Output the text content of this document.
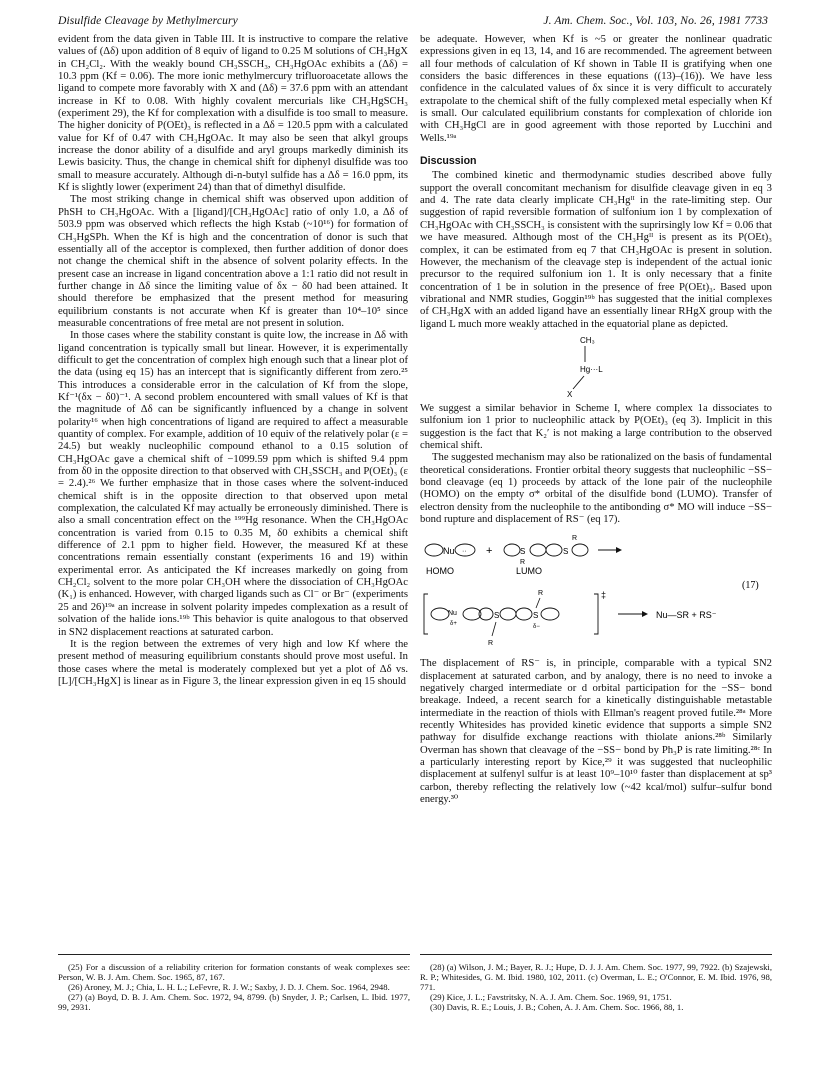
Disulfide Cleavage by Methylmercury	J. Am. Chem. Soc., Vol. 103, No. 26, 1981 7733

evident from the data given in Table III. It is instructive to compare the relative values of (Δδ) upon addition of 8 equiv of ligand to 0.25 M solutions of CH₃HgX in CH₂Cl₂. With the weakly bound CH₃SSCH₃, CH₃HgOAc exhibits a (Δδ) = 10.3 ppm (Kf = 0.06). The more ionic methylmercury trifluoroacetate allows the ligand to compete more favorably with X and (Δδ) = 37.6 ppm with an attendant increase in Kf to 0.08. With highly covalent mercurials like CH₃HgSCH₃ (experiment 29), the Kf for complexation with a disulfide is too small to measure. The higher donicity of P(OEt)₃ is reflected in a Δδ = 120.5 ppm with a calculated value for Kf of 0.47 with CH₃HgOAc. It may also be seen that alkyl groups increase the donor ability of a disulfide and aryl groups markedly diminish its Lewis basicity. Thus, the change in chemical shift for diphenyl disulfide was too small to measure accurately. Although di-n-butyl sulfide has a Δδ = 16.0 ppm, its Kf is slightly lower (experiment 24) than that of dimethyl disulfide.

The most striking change in chemical shift was observed upon addition of PhSH to CH₃HgOAc. With a [ligand]/[CH₃HgOAc] ratio of only 1.0, a Δδ of 503.9 ppm was observed which reflects the high Kstab (~10¹⁶) for formation of CH₃HgSPh. When the Kf is high and the concentration of donor is such that essentially all of the acceptor is complexed, then further addition of donor does not change the chemical shift in the absence of solvent polarity effects. In the present case an increase in ligand concentration above a 1:1 ratio did not result in further change in Δδ since the limiting value of δx − δ0 had been attained. It should therefore be emphasized that the present method for measuring equilibrium constants is not accurate when Kf is greater than 10⁴–10⁵ since measurable concentrations of free metal are not present in solution.

In those cases where the stability constant is quite low, the increase in Δδ with ligand concentration is typically small but linear. However, it is experimentally difficult to get the concentration of complex high enough such that a linear plot of the data (using eq 15) has an intercept that is significantly different from zero.²⁵ This introduces a considerable error in the calculation of Kf from the slope, Kf⁻¹(δx − δ0)⁻¹. A second problem encountered with small values of Kf is that the magnitude of Δδ can be significantly influenced by a change in solvent polarity¹⁶ when high concentrations of ligand are required to affect a measurable quantity of complex. For example, addition of 10 equiv of the relatively polar (ε = 24.5) but weakly nucleophilic compound ethanol to a 0.15 solution of CH₃HgOAc gave a chemical shift of −1099.59 ppm which is shifted 9.4 ppm from δ0 in the opposite direction to that observed with CH₃SSCH₃ and P(OEt)₃ (ε = 2.4).²⁶ We further emphasize that in those cases where the solvent-induced chemical shift is in the opposite direction to that observed upon metal complexation, the calculated Kf may actually be erroneously diminished. There is also a small concentration effect on the ¹⁹⁹Hg resonance. When the CH₃HgOAc concentration is varied from 0.15 to 0.35 M, δ0 exhibits a chemical shift difference of 2.1 ppm to higher field. However, the measured Kf at these concentrations remain essentially constant (experiments 16 and 19) within experimental error. As anticipated the Kf increases markedly on going from CH₂Cl₂ solvent to the more polar CH₃OH where the dissociation of CH₃HgOAc (K₁) is enhanced. However, with charged ligands such as Cl⁻ or Br⁻ (experiments 25 and 26)¹⁹ᵃ an increase in solvent polarity impedes complexation as a result of solvation of the halide ions.¹⁹ᵇ This behavior is quite analogous to that observed in SN2 displacement reactions at saturated carbon.

It is the region between the extremes of very high and low Kf where the present method of measuring equilibrium constants should prove most useful. In those cases where the metal is moderately complexed but yet a plot of Δδ vs. [L]/[CH₃HgX] is linear as in Figure 3, the linear expression given in eq 15 should

be adequate. However, when Kf is ~5 or greater the nonlinear quadratic expressions given in eq 13, 14, and 16 are recommended. The agreement between all four methods of calculation of Kf shown in Table II is gratifying when one considers the basic differences in these equations ((13)–(16)). We have less confidence in the calculated values of δx since it is very difficult to accurately extrapolate to the chemical shift of the fully complexed metal especially when Kf is small. Our calculated equilibrium constants for complexation of chloride ion with CH₃HgCl are in good agreement with those reported by Lucchini and Wells.¹⁹ᵃ

Discussion

The combined kinetic and thermodynamic studies described above fully support the overall concomitant mechanism for disulfide cleavage given in eq 3 and 4. The rate data clearly implicate CH₃Hgᴵᴵ in the rate-limiting step. Our suggestion of rapid reversible formation of sulfonium ion 1 by complexation of CH₃HgOAc with CH₃SSCH₃ is consistent with the suprirsingly low Kf = 0.06 that we have measured. Although most of the CH₃Hgᴵᴵ is present as its P(OEt)₃ complex, it can be estimated from eq 7 that CH₃HgOAc is present in solution. However, the mechanism of the cleavage step is independent of the actual ionic precursor to the required sulfonium ion 1. It is only necessary that a finite concentration of 1 be in solution in the presence of free P(OEt)₃. Based upon vibrational and NMR studies, Goggin¹⁹ᵇ has suggested that the initial complexes of CH₃HgX with an added ligand have an essentially linear RHgX group with the ligand L much more weakly attached in the equatorial plane as depicted.

CH₃
Hg···L
X

We suggest a similar behavior in Scheme I, where complex 1a dissociates to sulfonium ion 1 prior to nucleophilic attack by P(OEt)₃ (eq 3). Implicit in this suggestion is the fact that K₂′ is not making a large contribution to the observed chemical shift.

The suggested mechanism may also be rationalized on the basis of fundamental theoretical considerations. Frontier orbital theory suggests that nucleophilic −SS− bond cleavage (eq 1) proceeds by attack of the lone pair of the nucleophile (HOMO) on the empty σ* orbital of the disulfide bond (LUMO). Transfer of electron density from the nucleophile to the antibonding σ* MO will induce −SS− bond rupture and displacement of RS⁻ (eq 17).

Nu ·· +	S
R
S
R
HOMO	LUMO
‡
Nu
δ+
S	S
δ−
R
R
Nu—SR + RS⁻
(17)

The displacement of RS⁻ is, in principle, comparable with a typical SN2 displacement at saturated carbon, and by analogy, there is no need to invoke a negatively charged intermediate or d orbital participation for the −SS− bond breakage. Indeed, a recent search for a kinetically distinguishable metastable intermediate in the reaction of thiols with Ellman's reagent proved futile.²⁸ᵃ More recently Whitesides has provided kinetic evidence that supports a simple SN2 pathway for disulfide exchange reactions with thiolate anions.²⁸ᵇ Similarly Overman has shown that cleavage of the −SS− bond by Ph₃P is rate limiting.²⁸ᶜ In a particularly interesting report by Kice,²⁹ it was suggested that nucleophilic displacement at sulfenyl sulfur is at least 10⁹–10¹⁰ faster than displacement at sp³ carbon, thereby reflecting the relatively low (~42 kcal/mol) sulfur–sulfur bond energy.³⁰

(25) For a discussion of a reliability criterion for formation constants of weak complexes see: Person, W. B. J. Am. Chem. Soc. 1965, 87, 167.

(26) Aroney, M. J.; Chia, L. H. L.; LeFevre, R. J. W.; Saxby, J. D. J. Chem. Soc. 1964, 2948.

(27) (a) Boyd, D. B. J. Am. Chem. Soc. 1972, 94, 8799. (b) Snyder, J. P.; Carlsen, L. Ibid. 1977, 99, 2931.

(28) (a) Wilson, J. M.; Bayer, R. J.; Hupe, D. J. J. Am. Chem. Soc. 1977, 99, 7922. (b) Szajewski, R. P.; Whitesides, G. M. Ibid. 1980, 102, 2011. (c) Overman, L. E.; O'Connor, E. M. Ibid. 1976, 98, 771.

(29) Kice, J. L.; Favstritsky, N. A. J. Am. Chem. Soc. 1969, 91, 1751.

(30) Davis, R. E.; Louis, J. B.; Cohen, A. J. Am. Chem. Soc. 1966, 88, 1.
